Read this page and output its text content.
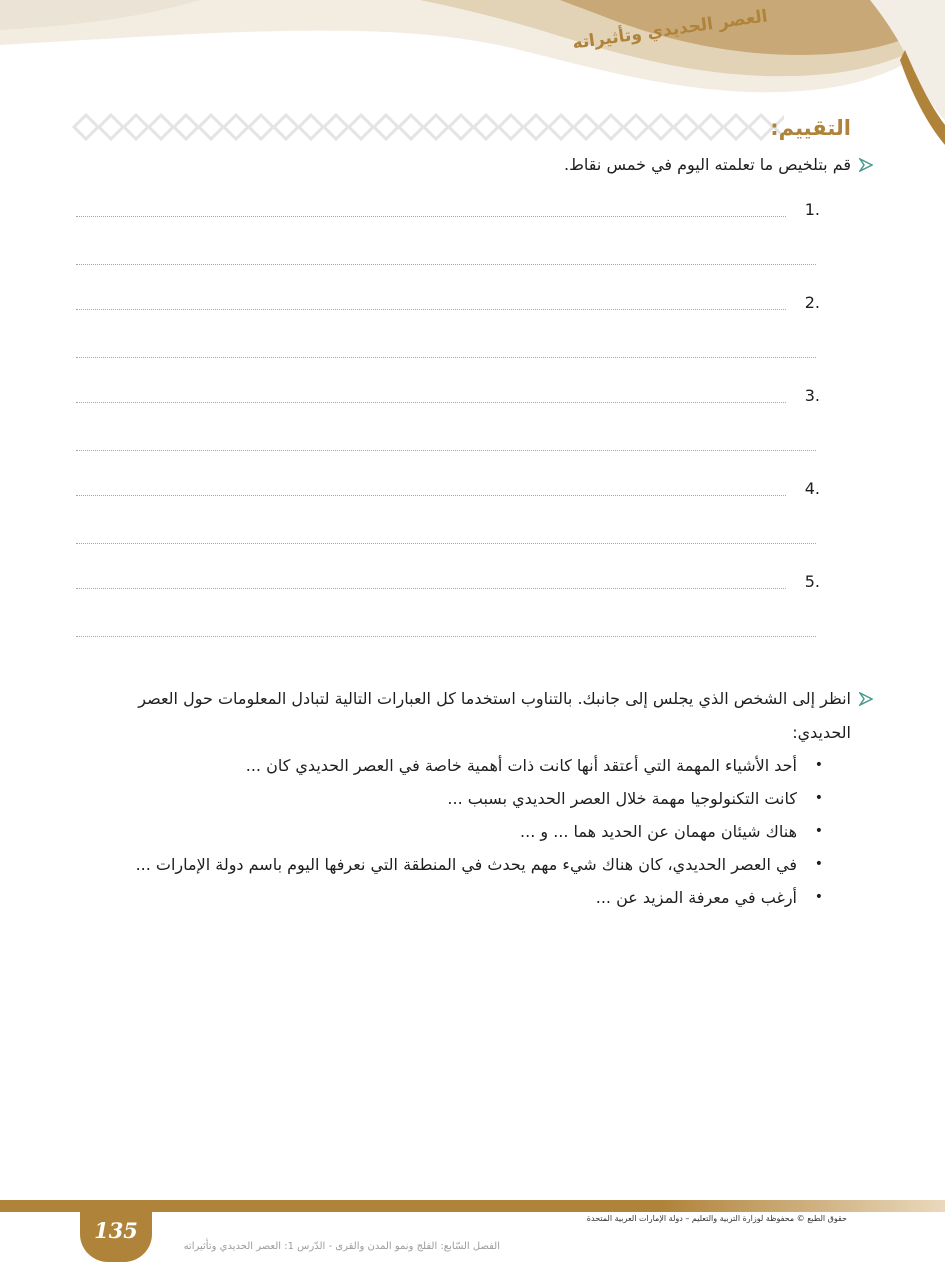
العصر الحديدي وتأثيراته

التقييم:

قم بتلخيص ما تعلمته اليوم في خمس نقاط.

1.
2.
3.
4.
5.

انظر إلى الشخص الذي يجلس إلى جانبك. بالتناوب استخدما كل العبارات التالية لتبادل المعلومات حول العصر الحديدي:

• أحد الأشياء المهمة التي أعتقد أنها كانت ذات أهمية خاصة في العصر الحديدي كان ...
• كانت التكنولوجيا مهمة خلال العصر الحديدي بسبب ...
• هناك شيئان مهمان عن الحديد هما ... و ...
• في العصر الحديدي، كان هناك شيء مهم يحدث في المنطقة التي نعرفها اليوم باسم دولة الإمارات ...
• أرغب في معرفة المزيد عن ...

135	حقوق الطبع © محفوظة لوزارة التربية والتعليم – دولة الإمارات العربية المتحدة

الفصل السّابع: الفلج ونمو المدن والقرى - الدّرس 1: العصر الحديدي وتأثيراته
